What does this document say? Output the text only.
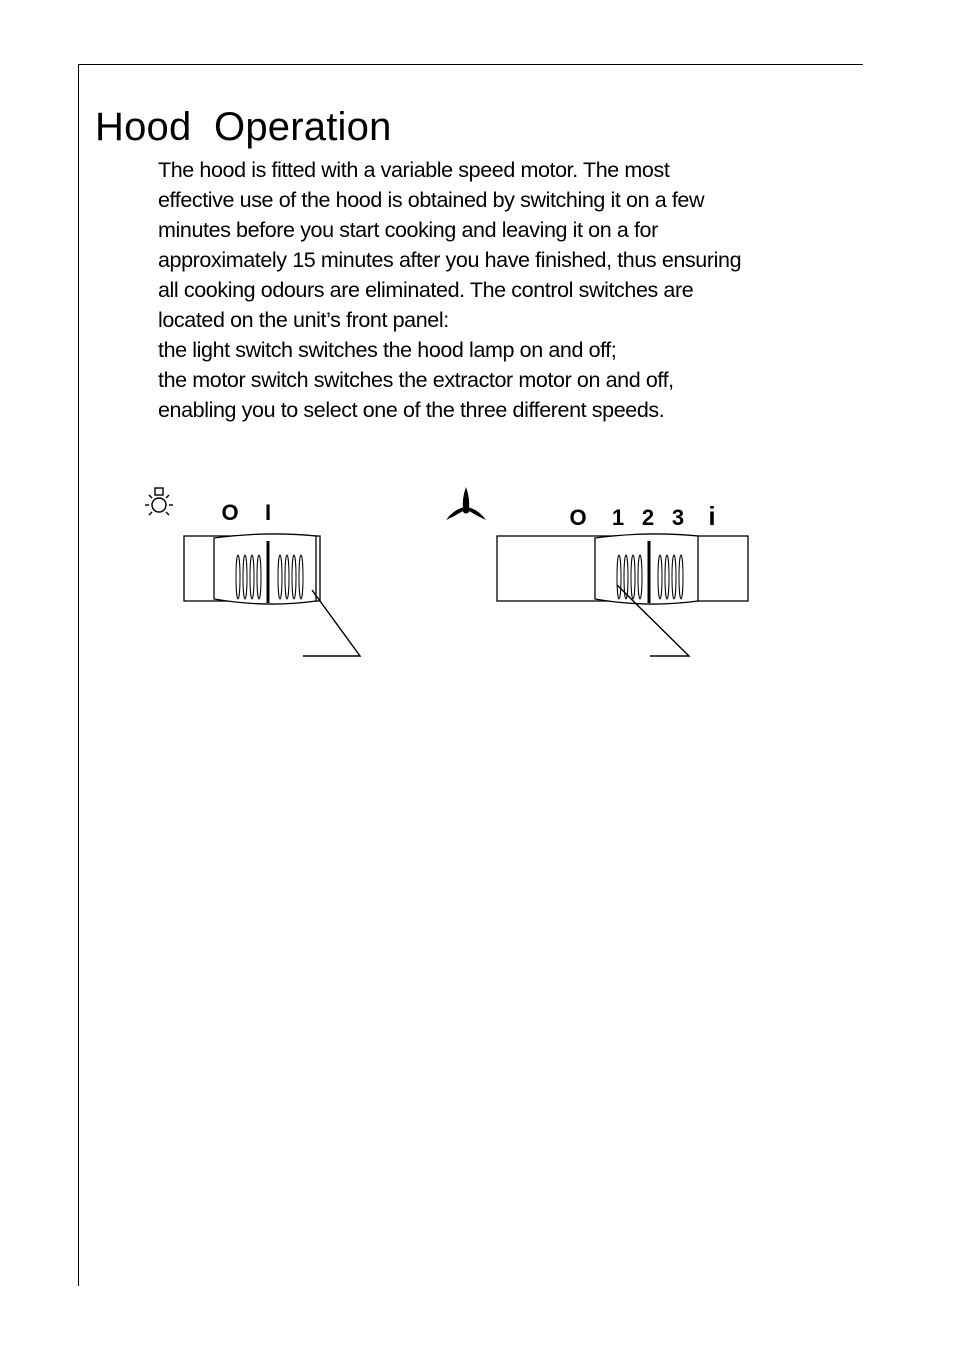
Hood  Operation
The hood is fitted with a variable speed motor. The most
effective use of the hood is obtained by switching it on a few
minutes before you start cooking and leaving it on a for
approximately 15 minutes after you have finished, thus ensuring
all cooking odours are eliminated. The control switches are
located on the unit’s front panel:
the light switch switches the hood lamp on and off;
the motor switch switches the extractor motor on and off,
enabling you to select one of the three different speeds.
O I	O 1 2 3 i
